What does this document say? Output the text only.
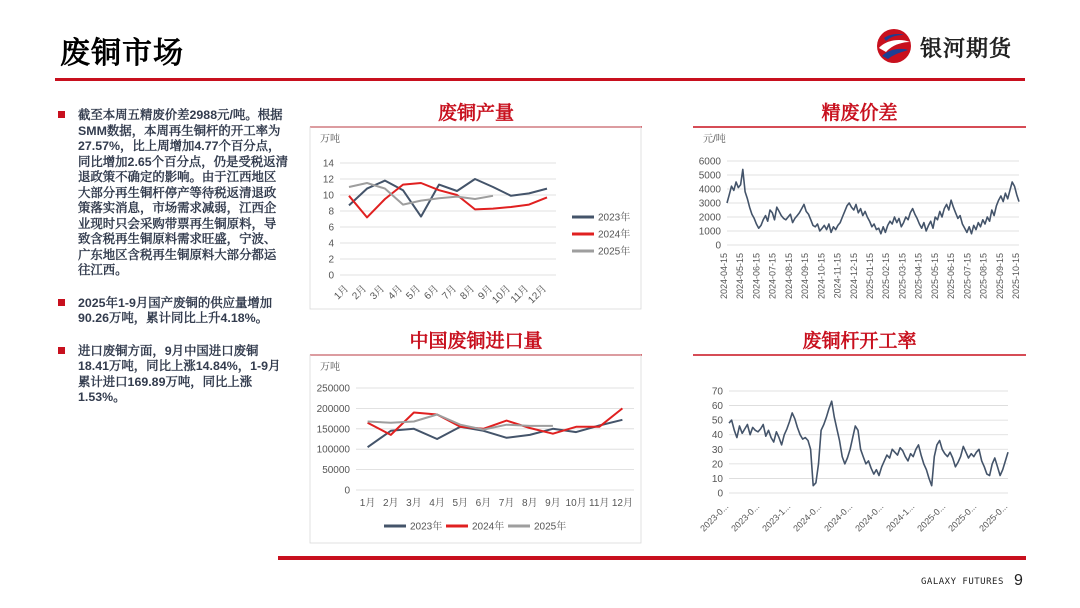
废铜市场	银河期货
截至本周五精废价差2988元/吨。根据SMM数据，本周再生铜杆的开工率为27.57%，比上周增加4.77个百分点，同比增加2.65个百分点，仍是受税返清退政策不确定的影响。由于江西地区大部分再生铜杆停产等待税返清退政策落实消息，市场需求减弱，江西企业现时只会采购带票再生铜原料，导致含税再生铜原料需求旺盛，宁波、广东地区含税再生铜原料大部分都运往江西。
2025年1-9月国产废铜的供应量增加90.26万吨，累计同比上升4.18%。
进口废铜方面，9月中国进口废铜18.41万吨，同比上涨14.84%，1-9月累计进口169.89万吨，同比上涨1.53%。
废铜产量
万吨
0
2
4
6
8
10
12
14
1月 2月 3月 4月 5月 6月 7月 8月 9月
10月
11月
12月
2023年
2024年
2025年
精废价差
元/吨
0
1000
2000
3000
4000
5000
6000
2024-04-15 2024-05-15 2024-06-15 2024-07-15 2024-08-15 2024-09-15 2024-10-15 2024-11-15 2024-12-15 2025-01-15 2025-02-15 2025-03-15 2025-04-15 2025-05-15 2025-06-15 2025-07-15 2025-08-15 2025-09-15 2025-10-15
中国废铜进口量
万吨
0
50000
100000
150000
200000
250000
1月 2月 3月 4月 5月 6月 7月 8月 9月 10月 11月 12月
2023年	2024年	2025年
废铜杆开工率
0
10
20
30
40
50
60
70
2023-0...
2023-0...
2023-1...
2024-0...
2024-0...
2024-0...
2024-1...
2025-0...
2025-0...
2025-0...
GALAXY FUTURES 9
